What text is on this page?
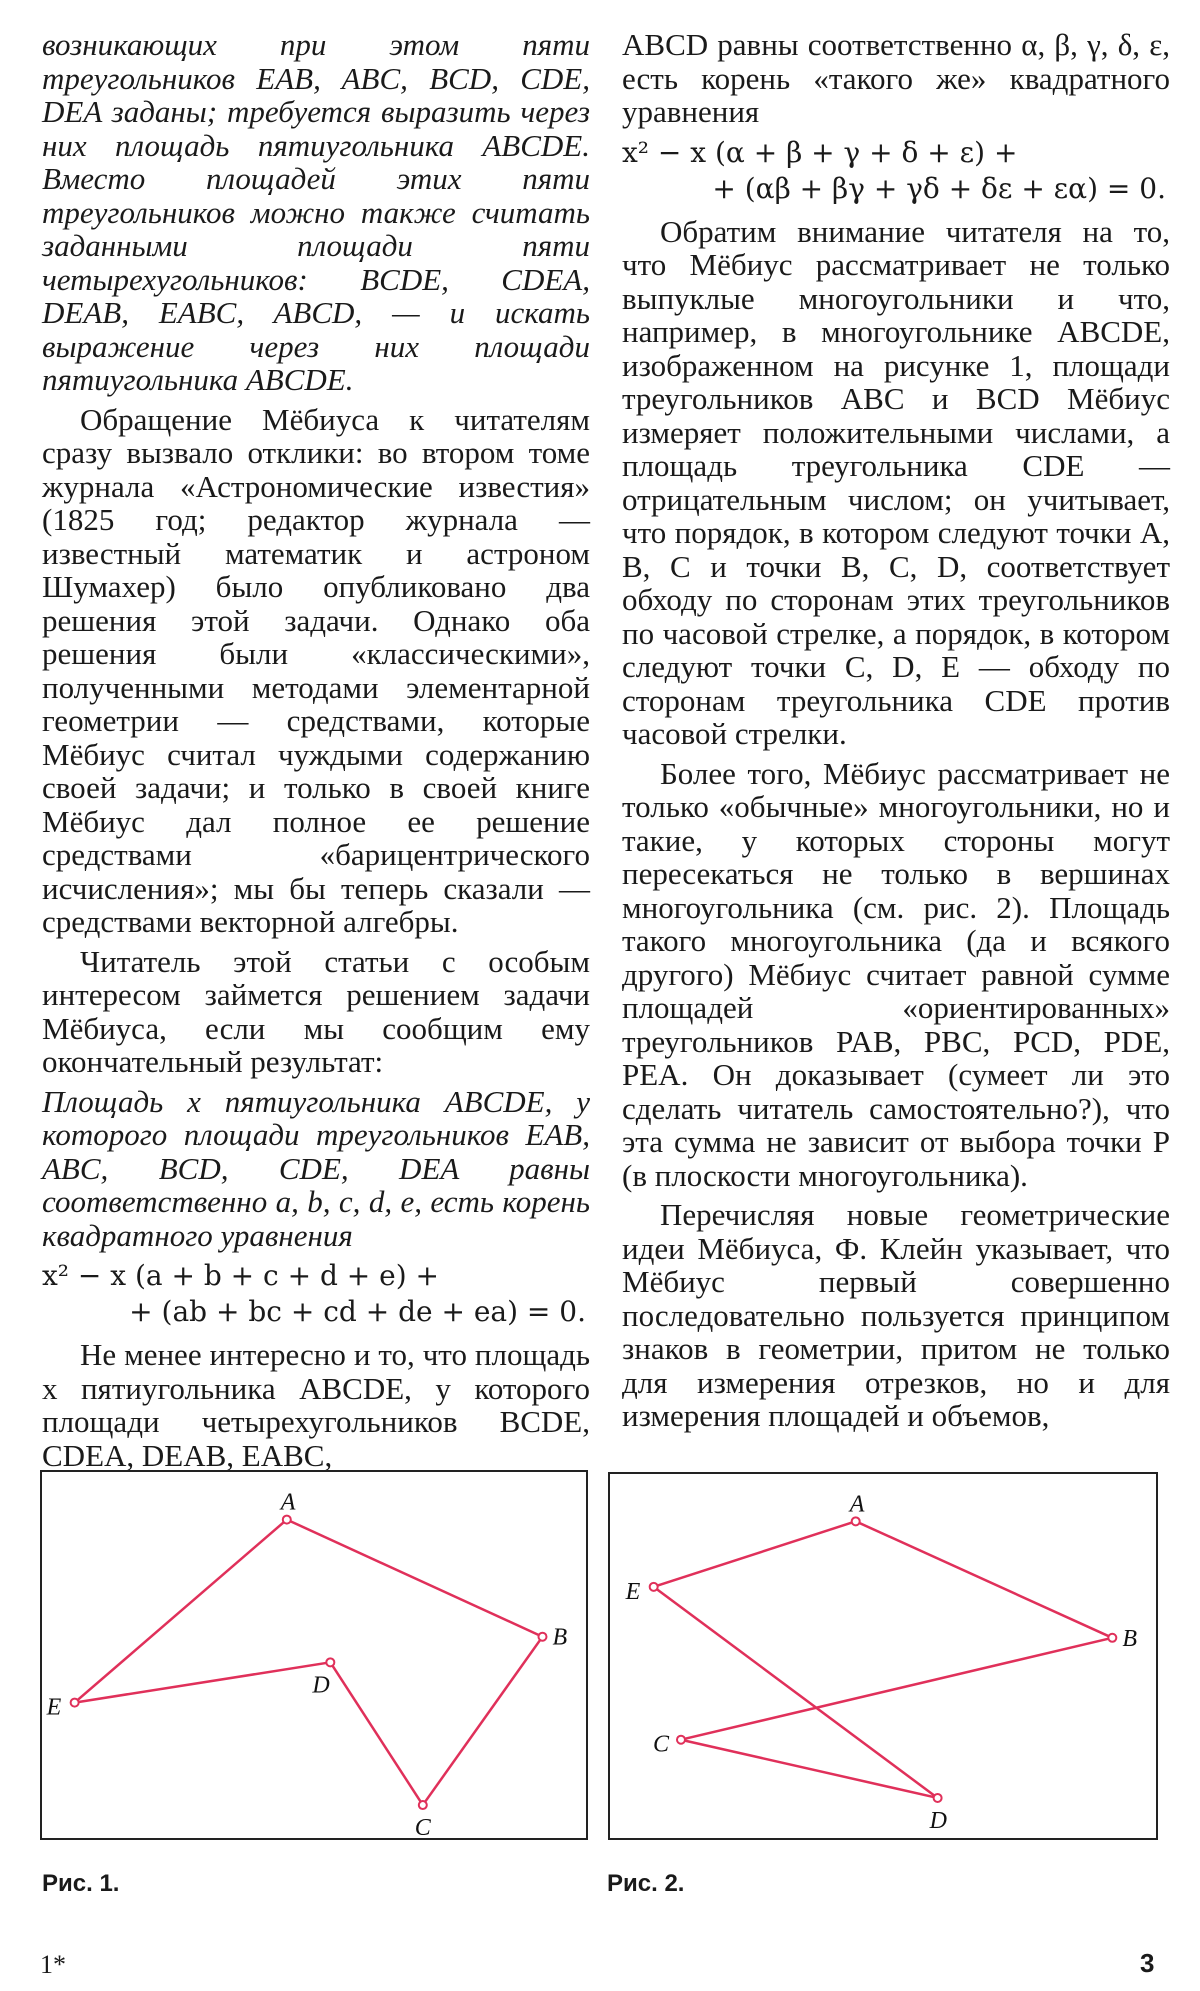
возникающих при этом пяти треугольников EAB, ABC, BCD, CDE, DEA заданы; требуется выразить через них площадь пятиугольника ABCDE. Вместо площадей этих пяти треугольников можно также считать заданными площади пяти четырехугольников: BCDE, CDEA, DEAB, EABC, ABCD, — и искать выражение через них площади пятиугольника ABCDE.

Обращение Мёбиуса к читателям сразу вызвало отклики: во втором томе журнала «Астрономические известия» (1825 год; редактор журнала — известный математик и астроном Шумахер) было опубликовано два решения этой задачи. Однако оба решения были «классическими», полученными методами элементарной геометрии — средствами, которые Мёбиус считал чуждыми содержанию своей задачи; и только в своей книге Мёбиус дал полное ее решение средствами «барицентрического исчисления»; мы бы теперь сказали — средствами векторной алгебры.

Читатель этой статьи с особым интересом займется решением задачи Мёбиуса, если мы сообщим ему окончательный результат:

Площадь x пятиугольника ABCDE, у которого площади треугольников EAB, ABC, BCD, CDE, DEA равны соответственно a, b, c, d, e, есть корень квадратного уравнения

x² − x (a + b + c + d + e) +
+ (ab + bc + cd + de + ea) = 0.

Не менее интересно и то, что площадь x пятиугольника ABCDE, у которого площади четырехугольников BCDE, CDEA, DEAB, EABC,

ABCD равны соответственно α, β, γ, δ, ε, есть корень «такого же» квадратного уравнения

x² − x (α + β + γ + δ + ε) +
+ (αβ + βγ + γδ + δε + εα) = 0.

Обратим внимание читателя на то, что Мёбиус рассматривает не только выпуклые многоугольники и что, например, в многоугольнике ABCDE, изображенном на рисунке 1, площади треугольников ABC и BCD Мёбиус измеряет положительными числами, а площадь треугольника CDE — отрицательным числом; он учитывает, что порядок, в котором следуют точки A, B, C и точки B, C, D, соответствует обходу по сторонам этих треугольников по часовой стрелке, а порядок, в котором следуют точки C, D, E — обходу по сторонам треугольника CDE против часовой стрелки.

Более того, Мёбиус рассматривает не только «обычные» многоугольники, но и такие, у которых стороны могут пересекаться не только в вершинах многоугольника (см. рис. 2). Площадь такого многоугольника (да и всякого другого) Мёбиус считает равной сумме площадей «ориентированных» треугольников PAB, PBC, PCD, PDE, PEA. Он доказывает (сумеет ли это сделать читатель самостоятельно?), что эта сумма не зависит от выбора точки P (в плоскости многоугольника).

Перечисляя новые геометрические идеи Мёбиуса, Ф. Клейн указывает, что Мёбиус первый совершенно последовательно пользуется принципом знаков в геометрии, притом не только для измерения отрезков, но и для измерения площадей и объемов,

A
B
C
D
E
A
B
C
D
E
Рис. 1.	Рис. 2.
1*	3
